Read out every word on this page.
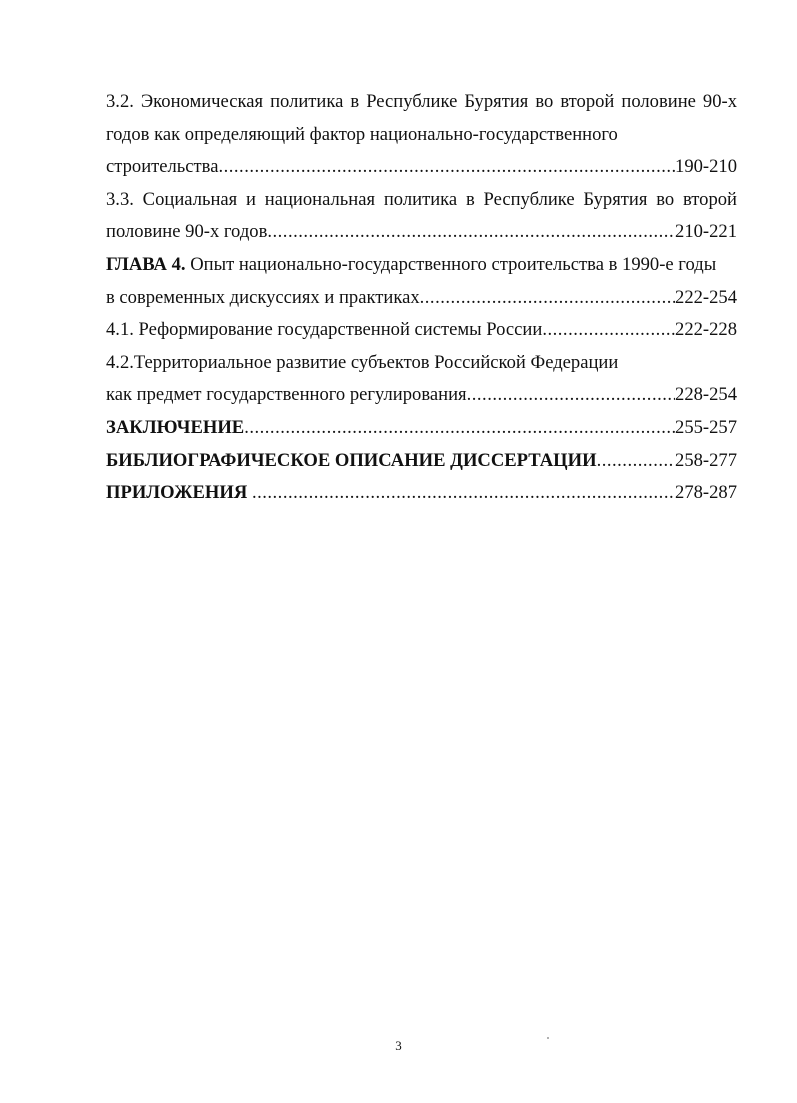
3.2. Экономическая политика в Республике Бурятия во второй половине 90-х
годов как определяющий фактор национально-государственного
строительства .....	190-210
3.3. Социальная и национальная политика в Республике Бурятия во второй
половине 90-х годов .....	210-221
ГЛАВА 4. Опыт национально-государственного строительства в 1990-е годы
в современных дискуссиях и практиках .....	222-254
4.1. Реформирование государственной системы России .....	222-228
4.2.Территориальное развитие субъектов Российской Федерации
как предмет государственного регулирования .....	228-254
ЗАКЛЮЧЕНИЕ .....	255-257
БИБЛИОГРАФИЧЕСКОЕ ОПИСАНИЕ ДИССЕРТАЦИИ .....	258-277
ПРИЛОЖЕНИЯ .....	278-287
3
